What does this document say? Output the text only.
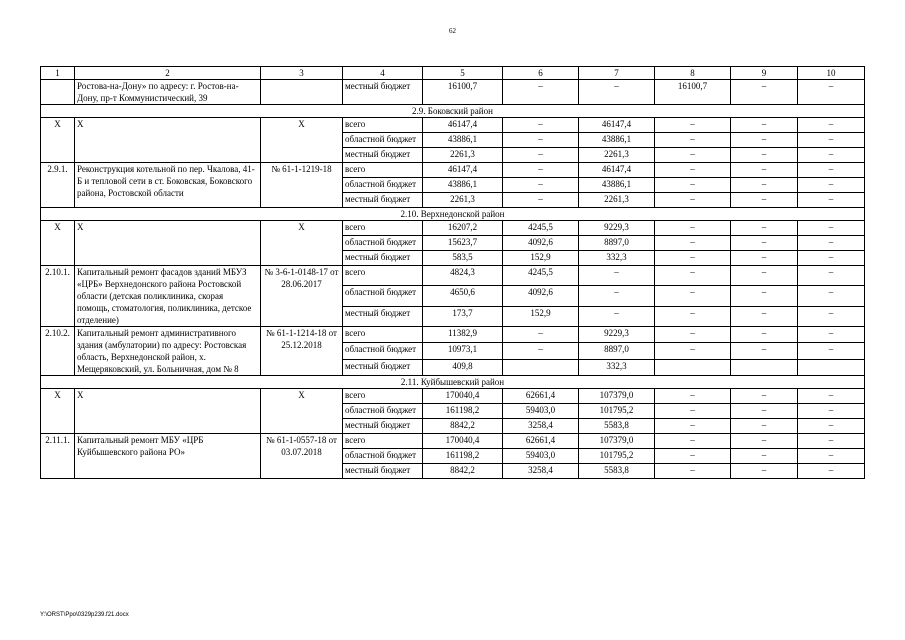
62
1	2	3	4	5	6	7	8	9	10
	Ростова-на-Дону» по адресу: г. Ростов-на-Дону, пр-т Коммунистический, 39		местный бюджет	16100,7	–	–	16100,7	–	–
2.9. Боковский район									
Х	Х	Х	всего	46147,4	–	46147,4	–	–	–
			областной бюджет	43886,1	–	43886,1	–	–	–
			местный бюджет	2261,3	–	2261,3	–	–	–
2.9.1.	Реконструкция котельной по пер. Чкалова, 41-Б и тепловой сети в ст. Боковская, Боковского района, Ростовской области	№ 61-1-1219-18	всего	46147,4	–	46147,4	–	–	–
			областной бюджет	43886,1	–	43886,1	–	–	–
			местный бюджет	2261,3	–	2261,3	–	–	–
2.10. Верхнедонской район									
Х	Х	Х	всего	16207,2	4245,5	9229,3	–	–	–
			областной бюджет	15623,7	4092,6	8897,0	–	–	–
			местный бюджет	583,5	152,9	332,3	–	–	–
2.10.1.	Капитальный ремонт фасадов зданий МБУЗ «ЦРБ» Верхнедонского района Ростовской области (детская поликлиника, скорая помощь, стоматология, поликлиника, детское отделение)	№ 3-6-1-0148-17 от 28.06.2017	всего	4824,3	4245,5	–	–	–	–
			областной бюджет	4650,6	4092,6	–	–	–	–
			местный бюджет	173,7	152,9	–	–	–	–
2.10.2.	Капитальный ремонт административного здания (амбулатории) по адресу: Ростовская область, Верхнедонской район, х. Мещеряковский, ул. Больничная, дом № 8	№ 61-1-1214-18 от 25.12.2018	всего	11382,9	–	9229,3	–	–	–
			областной бюджет	10973,1	–	8897,0	–	–	–
			местный бюджет	409,8		332,3			
2.11. Куйбышевский район									
Х	Х	Х	всего	170040,4	62661,4	107379,0	–	–	–
			областной бюджет	161198,2	59403,0	101795,2	–	–	–
			местный бюджет	8842,2	3258,4	5583,8	–	–	–
2.11.1.	Капитальный ремонт МБУ «ЦРБ Куйбышевского района РО»	№ 61-1-0557-18 от 03.07.2018	всего	170040,4	62661,4	107379,0	–	–	–
			областной бюджет	161198,2	59403,0	101795,2	–	–	–
			местный бюджет	8842,2	3258,4	5583,8	–	–	–
Y:\ORST\Ppo\0329p239.f21.docx
